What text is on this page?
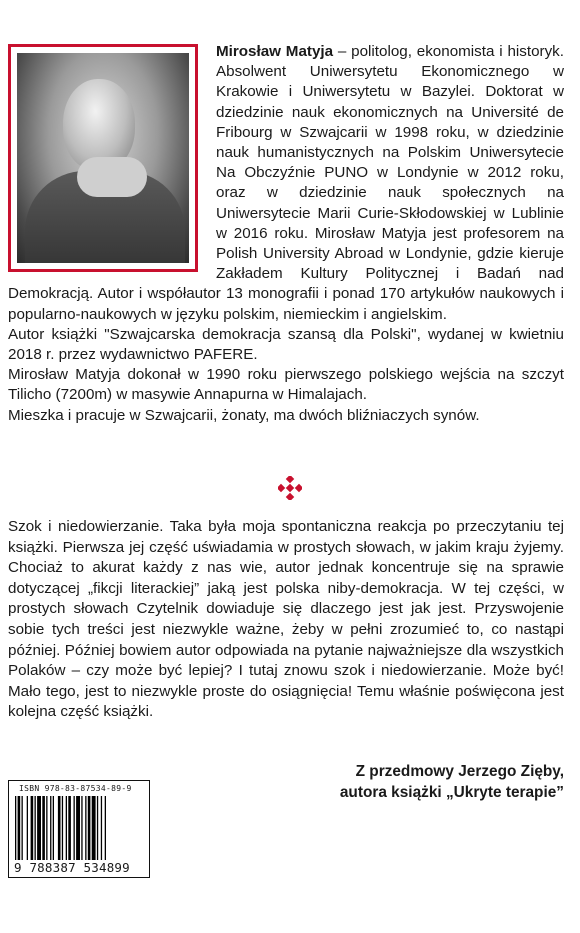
Mirosław Matyja – politolog, ekonomista i historyk. Absolwent Uniwersytetu Ekonomicznego w Krakowie i Uniwersytetu w Bazylei. Doktorat w dziedzinie nauk ekonomicznych na Université de Fribourg w Szwajcarii w 1998 roku, w dziedzinie nauk humanistycznych na Polskim Uniwersytecie Na Obczyźnie PUNO w Londynie w 2012 roku, oraz w dziedzinie nauk społecznych na Uniwersytecie Marii Curie-Skłodowskiej w Lublinie w 2016 roku. Mirosław Matyja jest profesorem na Polish University Abroad w Londynie, gdzie kieruje Zakładem Kultury Politycznej i Badań nad Demokracją. Autor i współautor 13 monografii i ponad 170 artykułów naukowych i popularno-naukowych w języku polskim, niemieckim i angielskim.

Autor książki "Szwajcarska demokracja szansą dla Polski", wydanej w kwietniu 2018 r. przez wydawnictwo PAFERE.

Mirosław Matyja dokonał w 1990 roku pierwszego polskiego wejścia na szczyt Tilicho (7200m) w masywie Annapurna w Himalajach.

Mieszka i pracuje w Szwajcarii, żonaty, ma dwóch bliźniaczych synów.

Szok i niedowierzanie. Taka była moja spontaniczna reakcja po przeczytaniu tej książki. Pierwsza jej część uświadamia w prostych słowach, w jakim kraju żyjemy. Chociaż to akurat każdy z nas wie, autor jednak koncentruje się na sprawie dotyczącej „fikcji literackiej” jaką jest polska niby-demokracja. W tej części, w prostych słowach Czytelnik dowiaduje się dlaczego jest jak jest. Przyswojenie sobie tych treści jest niezwykle ważne, żeby w pełni zrozumieć to, co nastąpi później. Później bowiem autor odpowiada na pytanie najważniejsze dla wszystkich Polaków – czy może być lepiej? I tutaj znowu szok i niedowierzanie. Może być! Mało tego, jest to niezwykle proste do osiągnięcia! Temu właśnie poświęcona jest kolejna część książki.

Z przedmowy Jerzego Zięby,
autora książki „Ukryte terapie”
ISBN 978-83-87534-89-9
9 788387 534899
